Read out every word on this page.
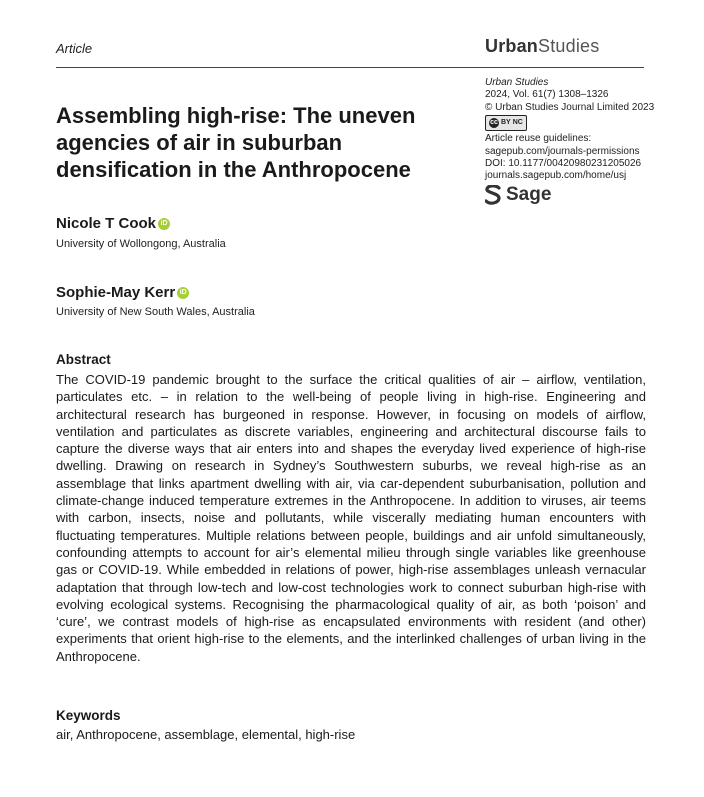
Article	UrbanStudies
Urban Studies
2024, Vol. 61(7) 1308–1326
© Urban Studies Journal Limited 2023
cc BY NC
Article reuse guidelines:
sagepub.com/journals-permissions
DOI: 10.1177/00420980231205026
journals.sagepub.com/home/usj
Sage
Assembling high-rise: The uneven agencies of air in suburban densification in the Anthropocene
Nicole T Cook iD
University of Wollongong, Australia
Sophie-May Kerr iD
University of New South Wales, Australia
Abstract
The COVID-19 pandemic brought to the surface the critical qualities of air – airflow, ventilation, particulates etc. – in relation to the well-being of people living in high-rise. Engineering and architectural research has burgeoned in response. However, in focusing on models of airflow, ventilation and particulates as discrete variables, engineering and architectural discourse fails to capture the diverse ways that air enters into and shapes the everyday lived experience of high-rise dwelling. Drawing on research in Sydney’s Southwestern suburbs, we reveal high-rise as an assemblage that links apartment dwelling with air, via car-dependent suburbanisation, pollution and climate-change induced temperature extremes in the Anthropocene. In addition to viruses, air teems with carbon, insects, noise and pollutants, while viscerally mediating human encounters with fluctuating temperatures. Multiple relations between people, buildings and air unfold simultaneously, confounding attempts to account for air’s elemental milieu through single variables like greenhouse gas or COVID-19. While embedded in relations of power, high-rise assemblages unleash vernacular adaptation that through low-tech and low-cost technologies work to connect suburban high-rise with evolving ecological systems. Recognising the pharmacological quality of air, as both ‘poison’ and ‘cure’, we contrast models of high-rise as encapsulated environments with resident (and other) experiments that orient high-rise to the elements, and the interlinked challenges of urban living in the Anthropocene.
Keywords
air, Anthropocene, assemblage, elemental, high-rise
